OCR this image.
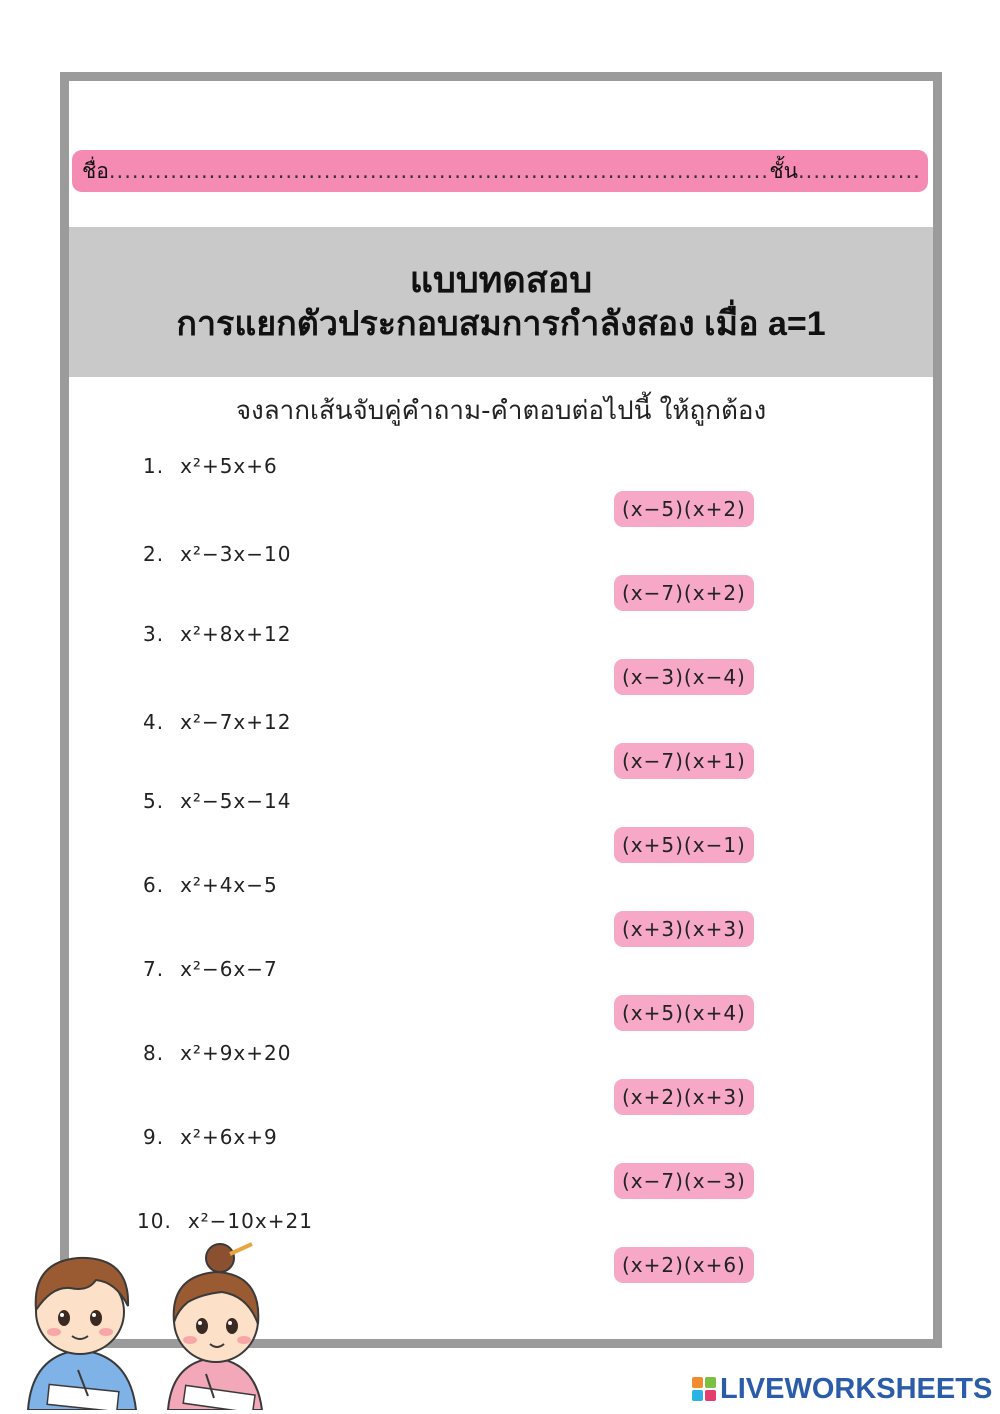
ชื่อ
.....	ชั้น
.....
แบบทดสอบ
การแยกตัวประกอบสมการกำลังสอง เมื่อ a=1
จงลากเส้นจับคู่คำถาม-คำตอบต่อไปนี้ ให้ถูกต้อง
1. x²+5x+6
2. x²−3x−10
3. x²+8x+12
4. x²−7x+12
5. x²−5x−14
6. x²+4x−5
7. x²−6x−7
8. x²+9x+20
9. x²+6x+9
10. x²−10x+21
(x−5)(x+2)
(x−7)(x+2)
(x−3)(x−4)
(x−7)(x+1)
(x+5)(x−1)
(x+3)(x+3)
(x+5)(x+4)
(x+2)(x+3)
(x−7)(x−3)
(x+2)(x+6)
LIVEWORKSHEETS
